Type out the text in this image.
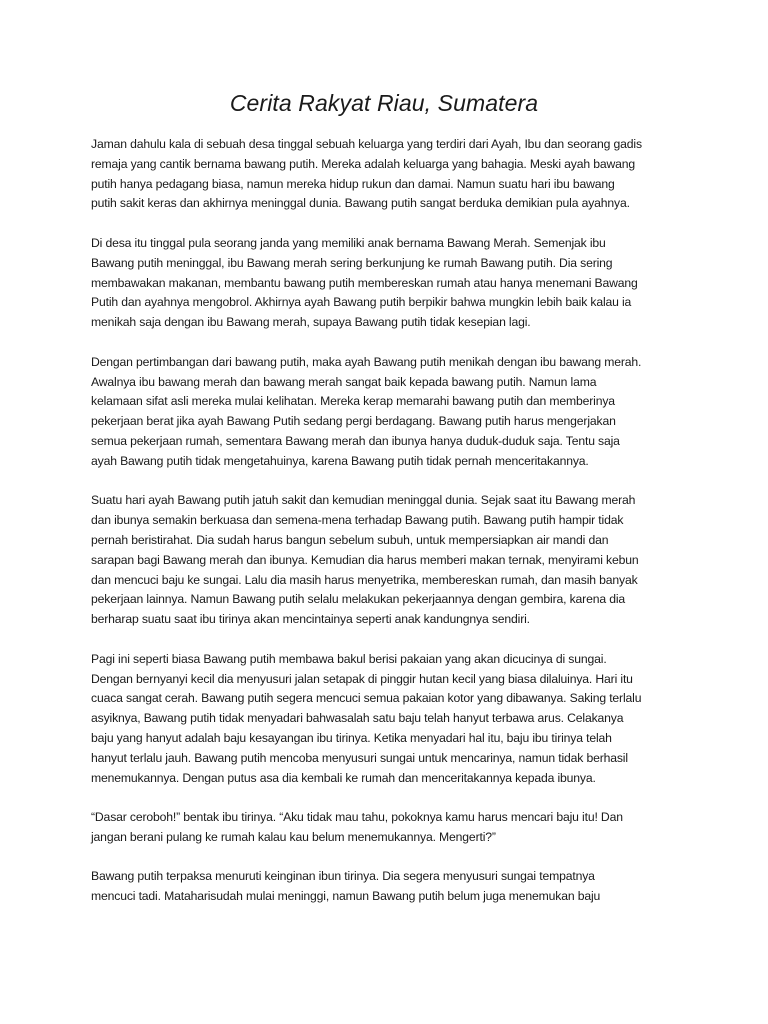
Cerita Rakyat Riau, Sumatera

Jaman dahulu kala di sebuah desa tinggal sebuah keluarga yang terdiri dari Ayah, Ibu dan seorang gadis
remaja yang cantik bernama bawang putih. Mereka adalah keluarga yang bahagia. Meski ayah bawang
putih hanya pedagang biasa, namun mereka hidup rukun dan damai. Namun suatu hari ibu bawang
putih sakit keras dan akhirnya meninggal dunia. Bawang putih sangat berduka demikian pula ayahnya.

Di desa itu tinggal pula seorang janda yang memiliki anak bernama Bawang Merah. Semenjak ibu
Bawang putih meninggal, ibu Bawang merah sering berkunjung ke rumah Bawang putih. Dia sering
membawakan makanan, membantu bawang putih membereskan rumah atau hanya menemani Bawang
Putih dan ayahnya mengobrol. Akhirnya ayah Bawang putih berpikir bahwa mungkin lebih baik kalau ia
menikah saja dengan ibu Bawang merah, supaya Bawang putih tidak kesepian lagi.

Dengan pertimbangan dari bawang putih, maka ayah Bawang putih menikah dengan ibu bawang merah.
Awalnya ibu bawang merah dan bawang merah sangat baik kepada bawang putih. Namun lama
kelamaan sifat asli mereka mulai kelihatan. Mereka kerap memarahi bawang putih dan memberinya
pekerjaan berat jika ayah Bawang Putih sedang pergi berdagang. Bawang putih harus mengerjakan
semua pekerjaan rumah, sementara Bawang merah dan ibunya hanya duduk-duduk saja. Tentu saja
ayah Bawang putih tidak mengetahuinya, karena Bawang putih tidak pernah menceritakannya.

Suatu hari ayah Bawang putih jatuh sakit dan kemudian meninggal dunia. Sejak saat itu Bawang merah
dan ibunya semakin berkuasa dan semena-mena terhadap Bawang putih. Bawang putih hampir tidak
pernah beristirahat. Dia sudah harus bangun sebelum subuh, untuk mempersiapkan air mandi dan
sarapan bagi Bawang merah dan ibunya. Kemudian dia harus memberi makan ternak, menyirami kebun
dan mencuci baju ke sungai. Lalu dia masih harus menyetrika, membereskan rumah, dan masih banyak
pekerjaan lainnya. Namun Bawang putih selalu melakukan pekerjaannya dengan gembira, karena dia
berharap suatu saat ibu tirinya akan mencintainya seperti anak kandungnya sendiri.

Pagi ini seperti biasa Bawang putih membawa bakul berisi pakaian yang akan dicucinya di sungai.
Dengan bernyanyi kecil dia menyusuri jalan setapak di pinggir hutan kecil yang biasa dilaluinya. Hari itu
cuaca sangat cerah. Bawang putih segera mencuci semua pakaian kotor yang dibawanya. Saking terlalu
asyiknya, Bawang putih tidak menyadari bahwasalah satu baju telah hanyut terbawa arus. Celakanya
baju yang hanyut adalah baju kesayangan ibu tirinya. Ketika menyadari hal itu, baju ibu tirinya telah
hanyut terlalu jauh. Bawang putih mencoba menyusuri sungai untuk mencarinya, namun tidak berhasil
menemukannya. Dengan putus asa dia kembali ke rumah dan menceritakannya kepada ibunya.

“Dasar ceroboh!” bentak ibu tirinya. “Aku tidak mau tahu, pokoknya kamu harus mencari baju itu! Dan
jangan berani pulang ke rumah kalau kau belum menemukannya. Mengerti?”

Bawang putih terpaksa menuruti keinginan ibun tirinya. Dia segera menyusuri sungai tempatnya
mencuci tadi. Mataharisudah mulai meninggi, namun Bawang putih belum juga menemukan baju
